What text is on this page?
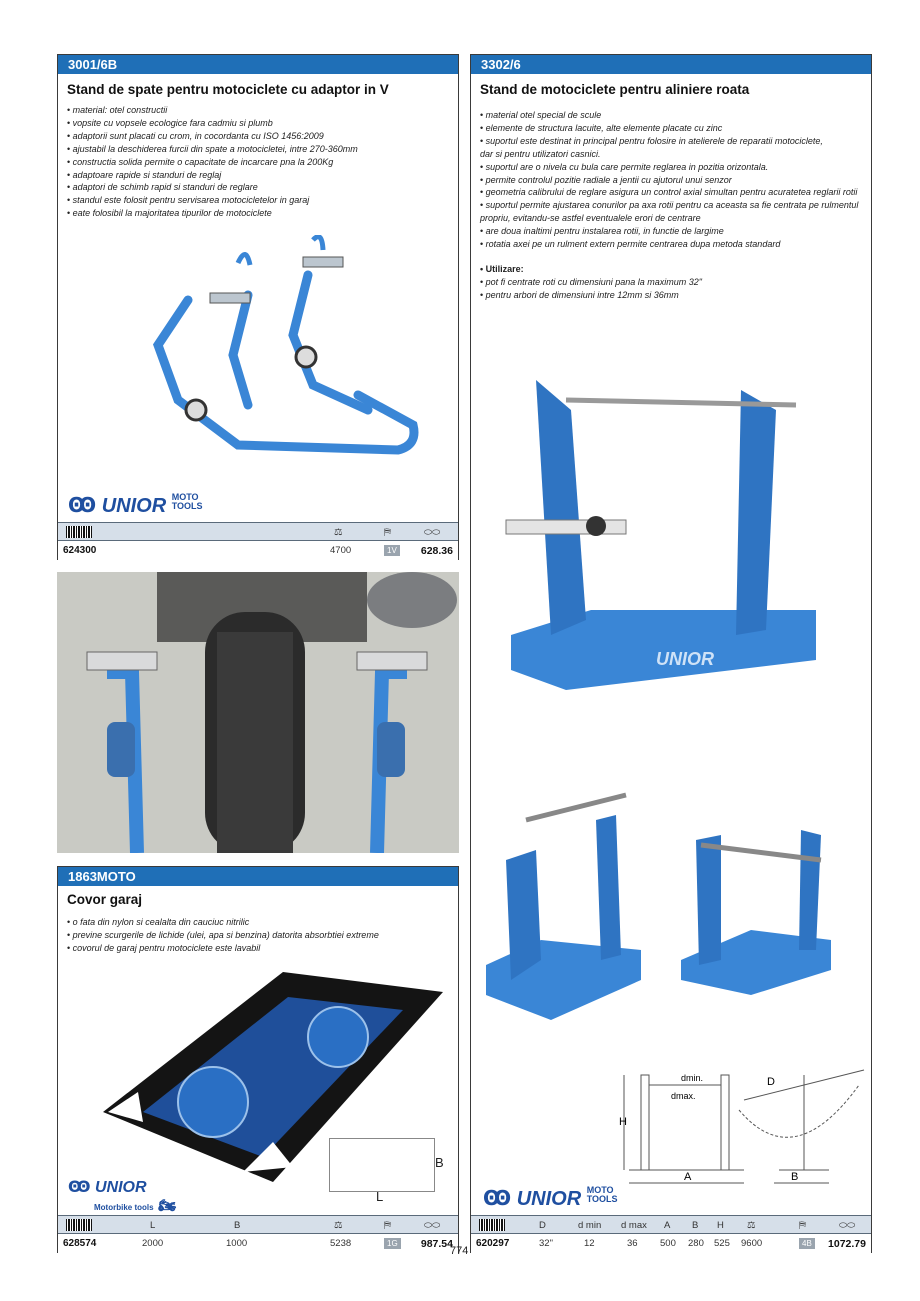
3001/6B
Stand de spate pentru motociclete cu adaptor in V
• material: otel constructii
• vopsite cu vopsele ecologice fara cadmiu si plumb
• adaptorii sunt placati cu crom, in cocordanta cu ISO 1456:2009
• ajustabil la deschiderea furcii din spate a motocicletei, intre 270-360mm
• constructia solida permite o capacitate de incarcare pna la 200Kg
• adaptoare rapide si standuri de reglaj
• adaptori de schimb rapid si standuri de reglare
• standul este folosit pentru servisarea motocicletelor in garaj
• eate folosibil la majoritatea tipurilor de motociclete
Ꙭ UNIOR MOTO
TOOLS
⚖	⛿	⬭⬭
624300	4700	1V 628.36
1863MOTO
Covor garaj
• o fata din nylon si cealalta din cauciuc nitrilic
• previne scurgerile de lichide (ulei, apa si benzina) datorita absorbtiei extreme
• covorul de garaj pentru motociclete este lavabil
B
L
Ꙭ UNIOR
Motorbike tools 🏍
L	B	⚖	⛿	⬭⬭
628574	2000	1000	5238	1G 987.54
3302/6
Stand de motociclete pentru aliniere roata
• material otel special de scule
• elemente de structura lacuite, alte elemente placate cu zinc
• suportul este destinat in principal pentru folosire in atelierele de reparatii motociclete, dar si pentru utilizatori casnici.
• suportul are o nivela cu bula care permite reglarea in pozitia orizontala.
• permite controlul pozitie radiale a jentii cu ajutorul unui senzor
• geometria calibrului de reglare asigura un control axial simultan pentru acuratetea reglarii rotii
• suportul permite ajustarea conurilor pa axa rotii pentru ca aceasta sa fie centrata pe rulmentul propriu, evitandu-se astfel eventualele erori de centrare
• are doua inaltimi pentru instalarea rotii, in functie de largime
• rotatia axei pe un rulment extern permite centrarea dupa metoda standard
• Utilizare:
• pot fi centrate roti cu dimensiuni pana la maximum 32"
• pentru arbori de dimensiuni intre 12mm si 36mm
UNIOR
dmin.
dmax.
H
A	B
D
Ꙭ UNIOR MOTO
TOOLS
D	d min d max A B H ⚖	⛿	⬭⬭
620297	32"	12	36 500 280 525 9600	4B 1072.79
774
